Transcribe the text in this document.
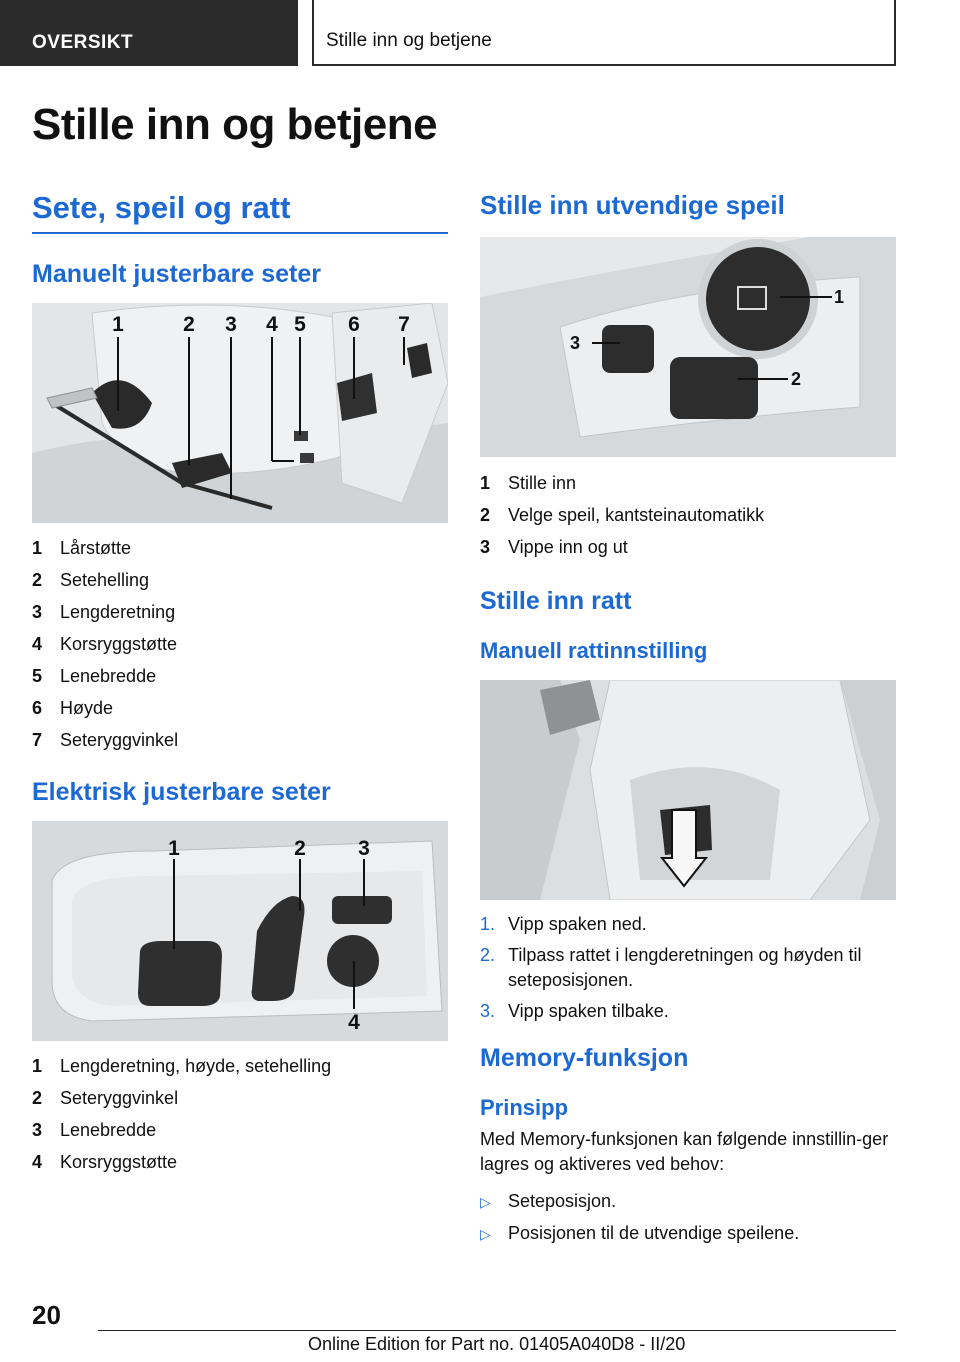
OVERSIKT	Stille inn og betjene
Stille inn og betjene
Sete, speil og ratt
Manuelt justerbare seter
1	2 3 4 5 6 7
1 Lårstøtte
2 Setehelling
3 Lengderetning
4 Korsryggstøtte
5 Lenebredde
6 Høyde
7 Seteryggvinkel
Elektrisk justerbare seter
1	2 3
4
1 Lengderetning, høyde, setehelling
2 Seteryggvinkel
3 Lenebredde
4 Korsryggstøtte
Stille inn utvendige speil
1
2
3
1 Stille inn
2 Velge speil, kantsteinautomatikk
3 Vippe inn og ut
Stille inn ratt
Manuell rattinnstilling
1. Vipp spaken ned.
2. Tilpass rattet i lengderetningen og høyden til seteposisjonen.
3. Vipp spaken tilbake.
Memory-funksjon
Prinsipp

Med Memory-funksjonen kan følgende innstillin-ger lagres og aktiveres ved behov:

▷ Seteposisjon.
▷ Posisjonen til de utvendige speilene.
20
Online Edition for Part no. 01405A040D8 - II/20
